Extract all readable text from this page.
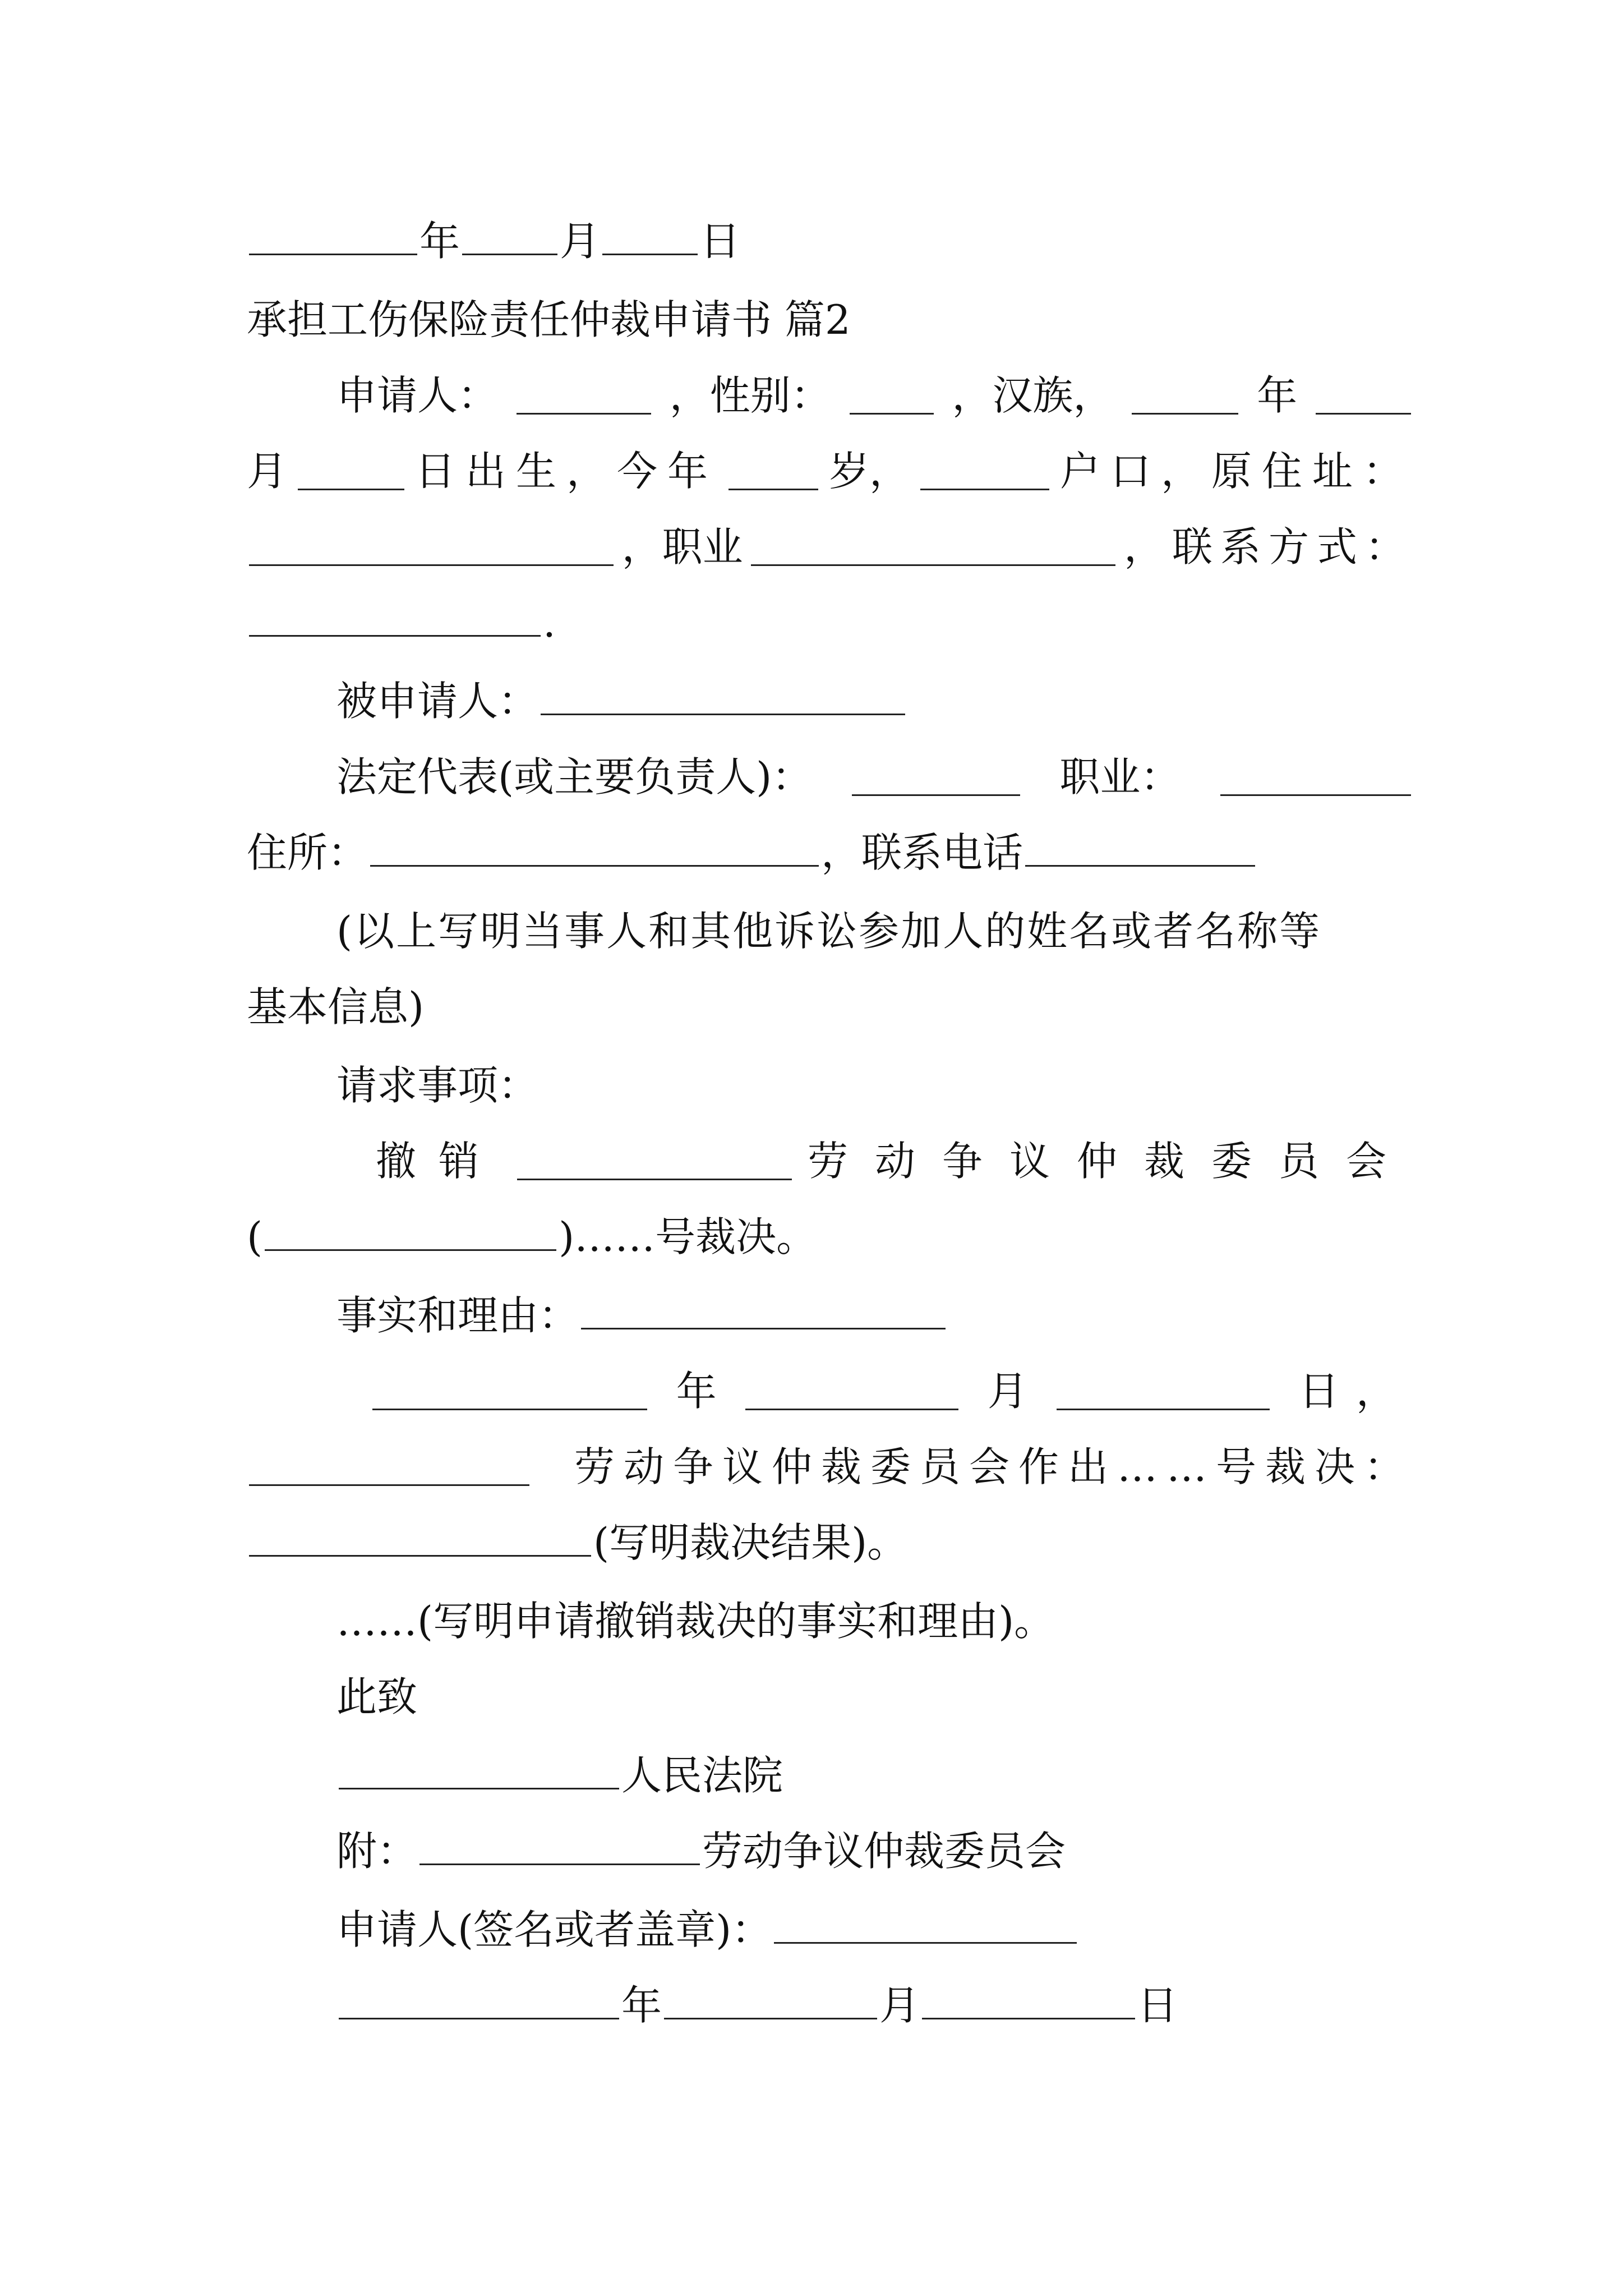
年 月 日
承担工伤保险责任仲裁申请书 篇2
申请人：	，性别：	，汉族，	年
月	日出生，今年	岁，	户口，原住址：
，职业	，联系方式：
.
被申请人：
法定代表(或主要负责人)：	职业：
住所：	，联系电话
(以上写明当事人和其他诉讼参加人的姓名或者名称等
基本信息)
请求事项：
撤销	劳动争议仲裁委员会
(	)……号裁决。
事实和理由：
年	月	日，
劳动争议仲裁委员会作出……号裁决：
(写明裁决结果)。
……(写明申请撤销裁决的事实和理由)。
此致
人民法院
附：	劳动争议仲裁委员会
申请人(签名或者盖章)：
年	月	日
